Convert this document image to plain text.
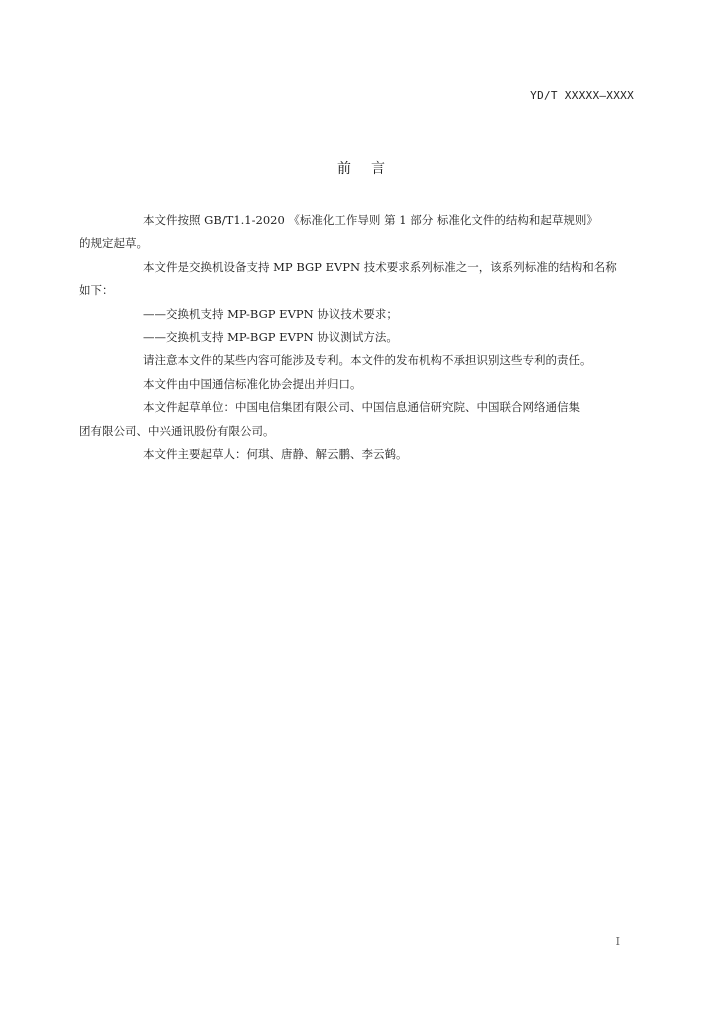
YD/T XXXXX—XXXX
前言

本文件按照 GB/T1.1-2020 《标准化工作导则 第 1 部分 标准化文件的结构和起草规则》
的规定起草。

本文件是交换机设备支持 MP BGP EVPN 技术要求系列标准之一，该系列标准的结构和名称
如下：

——交换机支持 MP-BGP EVPN 协议技术要求；

——交换机支持 MP-BGP EVPN 协议测试方法。

请注意本文件的某些内容可能涉及专利。本文件的发布机构不承担识别这些专利的责任。

本文件由中国通信标准化协会提出并归口。

本文件起草单位：中国电信集团有限公司、中国信息通信研究院、中国联合网络通信集
团有限公司、中兴通讯股份有限公司。

本文件主要起草人：何琪、唐静、解云鹏、李云鹤。

I
